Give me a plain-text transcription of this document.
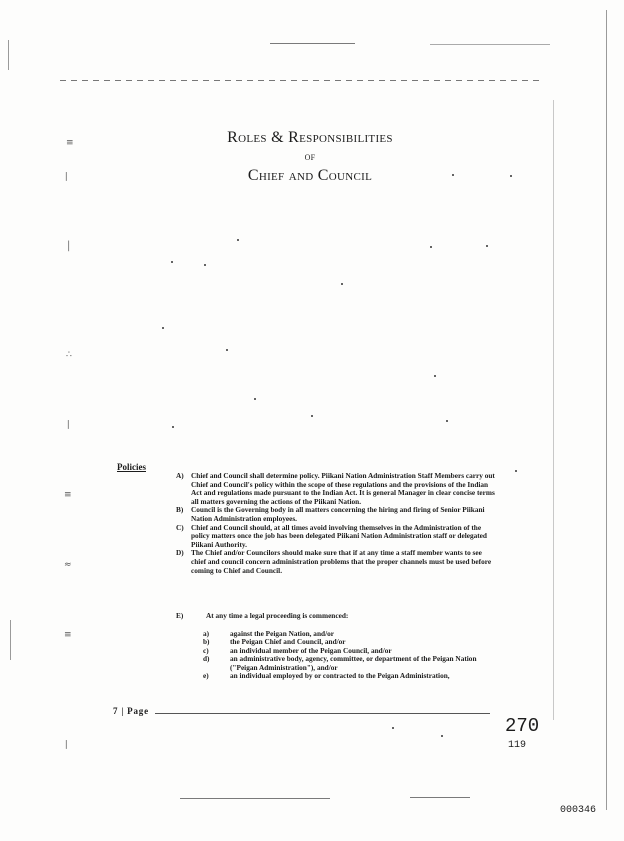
≡
∣
│
∴
∣
≡
≈
≡
∣
Roles & Responsibilities
of
Chief and Council
Policies

A) Chief and Council shall determine policy. Piikani Nation Administration Staff Members carry out Chief and Council's policy within the scope of these regulations and the provisions of the Indian Act and regulations made pursuant to the Indian Act. It is general Manager in clear concise terms all matters governing the actions of the Piikani Nation.

B) Council is the Governing body in all matters concerning the hiring and firing of Senior Piikani Nation Administration employees.

C) Chief and Council should, at all times avoid involving themselves in the Administration of the policy matters once the job has been delegated Piikani Nation Administration staff or delegated Piikani Authority.

D) The Chief and/or Councilors should make sure that if at any time a staff member wants to see chief and council concern administration problems that the proper channels must be used before coming to Chief and Council.

E)	At any time a legal proceeding is commenced:
a)	against the Peigan Nation, and/or
b)	the Peigan Chief and Council, and/or
c)	an individual member of the Peigan Council, and/or
d)	an administrative body, agency, committee, or department of the Peigan Nation ("Peigan Administration"), and/or
e)	an individual employed by or contracted to the Peigan Administration,
7 | Page
270
119
000346
